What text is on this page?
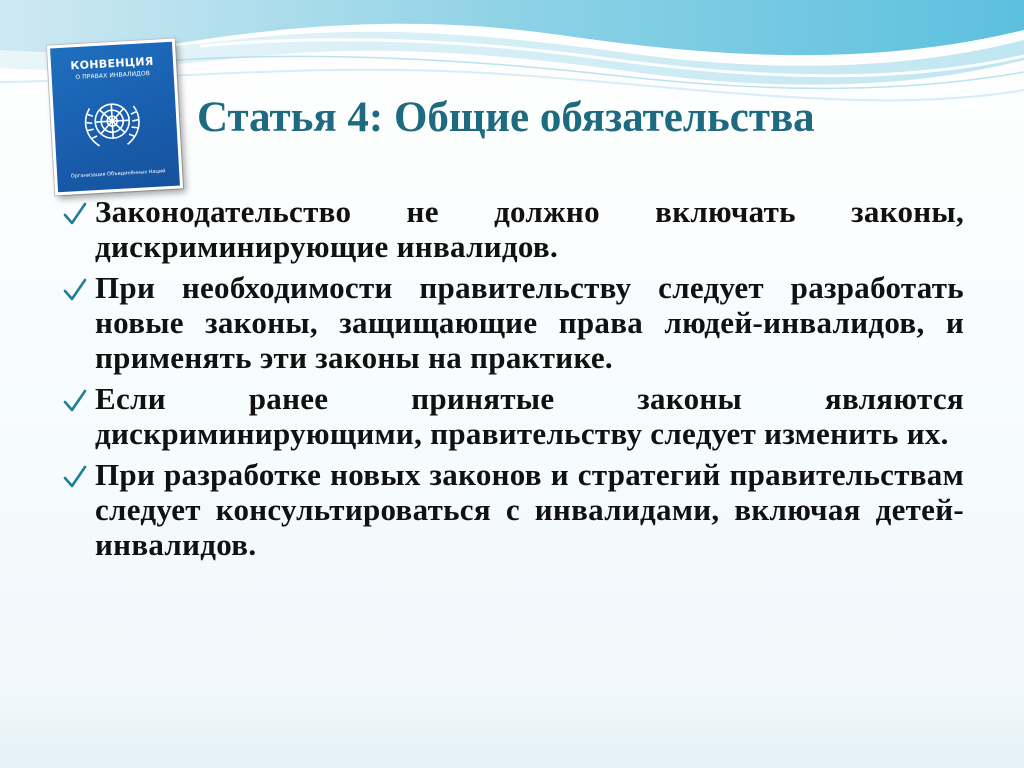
КОНВЕНЦИЯ
О ПРАВАХ ИНВАЛИДОВ
Организация Объединённых Наций
Статья 4: Общие обязательства
Законодательство не должно включать законы, дискриминирующие инвалидов.
При необходимости правительству следует разработать новые законы, защищающие права людей-инвалидов, и применять эти законы на практике.
Если ранее принятые законы являются дискриминирующими, правительству следует изменить их.
При разработке новых законов и стратегий правительствам следует консультироваться с инвалидами, включая детей-инвалидов.
